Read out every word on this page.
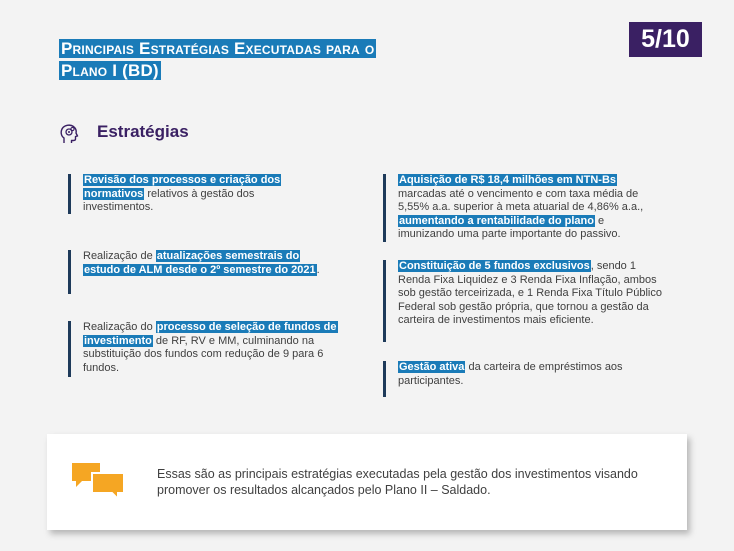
Principais Estratégias Executadas para o
Plano I (BD)
5/10
Estratégias
Revisão dos processos e criação dos normativos relativos à gestão dos investimentos.
Realização de atualizações semestrais do estudo de ALM desde o 2º semestre do 2021.
Realização do processo de seleção de fundos de investimento de RF, RV e MM, culminando na substituição dos fundos com redução de 9 para 6 fundos.
Aquisição de R$ 18,4 milhões em NTN-Bs marcadas até o vencimento e com taxa média de 5,55% a.a. superior à meta atuarial de 4,86% a.a., aumentando a rentabilidade do plano e imunizando uma parte importante do passivo.
Constituição de 5 fundos exclusivos, sendo 1 Renda Fixa Liquidez e 3 Renda Fixa Inflação, ambos sob gestão terceirizada, e 1 Renda Fixa Título Público Federal sob gestão própria, que tornou a gestão da carteira de investimentos mais eficiente.
Gestão ativa da carteira de empréstimos aos participantes.
Essas são as principais estratégias executadas pela gestão dos investimentos visando promover os resultados alcançados pelo Plano II – Saldado.
